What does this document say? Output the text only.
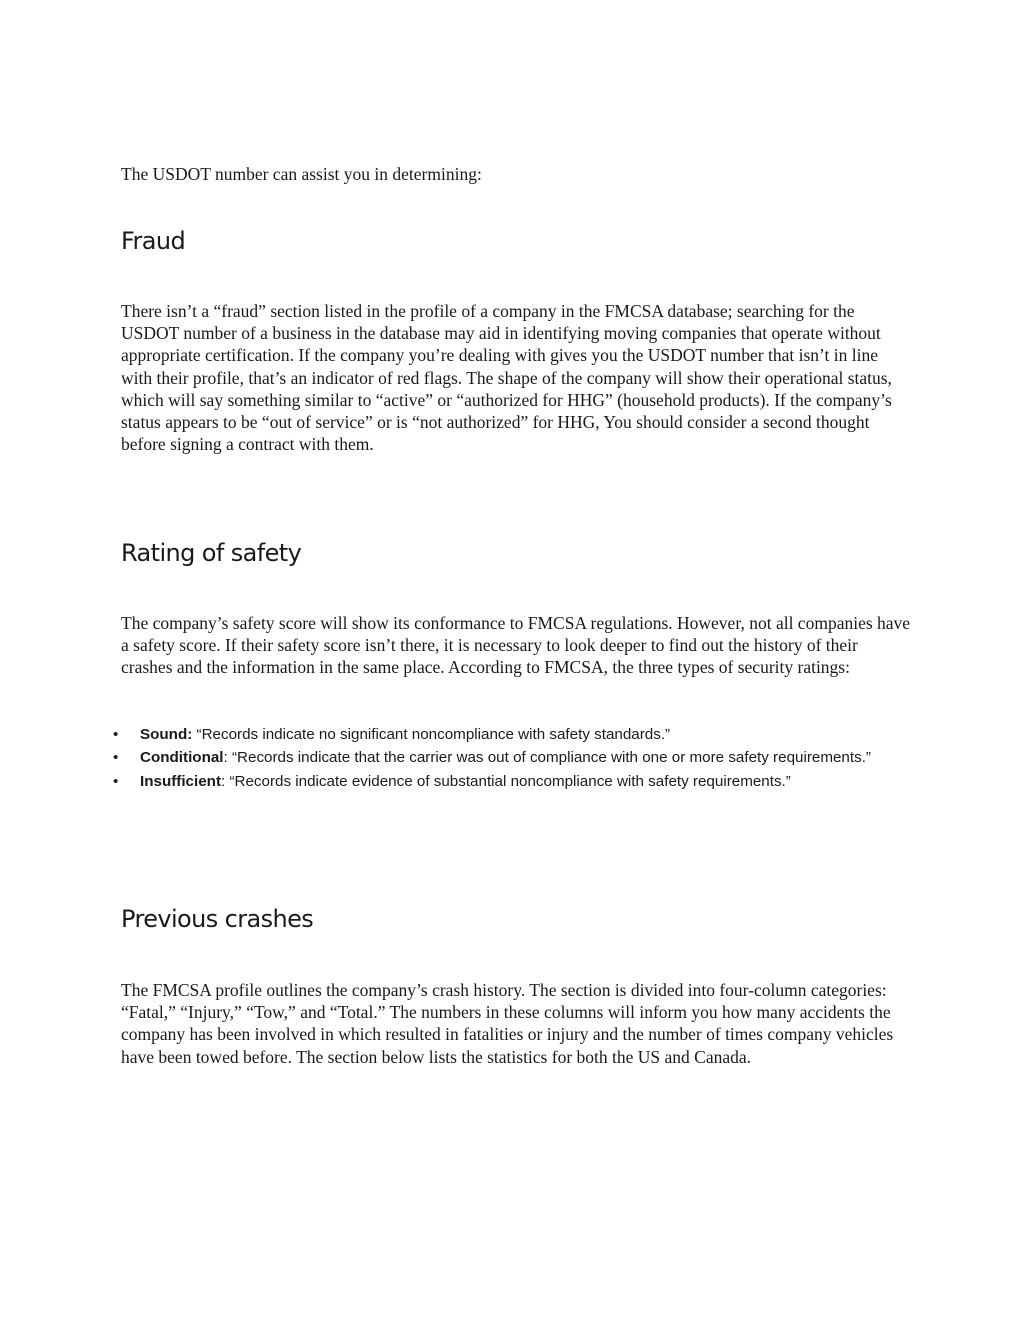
The USDOT number can assist you in determining:

Fraud

There isn’t a “fraud” section listed in the profile of a company in the FMCSA database; searching for the USDOT number of a business in the database may aid in identifying moving companies that operate without appropriate certification. If the company you’re dealing with gives you the USDOT number that isn’t in line with their profile, that’s an indicator of red flags. The shape of the company will show their operational status, which will say something similar to “active” or “authorized for HHG” (household products). If the company’s status appears to be “out of service” or is “not authorized” for HHG, You should consider a second thought before signing a contract with them.

Rating of safety

The company’s safety score will show its conformance to FMCSA regulations. However, not all companies have a safety score. If their safety score isn’t there, it is necessary to look deeper to find out the history of their crashes and the information in the same place. According to FMCSA, the three types of security ratings:

• Sound: “Records indicate no significant noncompliance with safety standards.”
• Conditional: “Records indicate that the carrier was out of compliance with one or more safety requirements.”
• Insufficient: “Records indicate evidence of substantial noncompliance with safety requirements.”
Previous crashes

The FMCSA profile outlines the company’s crash history. The section is divided into four-column categories: “Fatal,” “Injury,” “Tow,” and “Total.” The numbers in these columns will inform you how many accidents the company has been involved in which resulted in fatalities or injury and the number of times company vehicles have been towed before. The section below lists the statistics for both the US and Canada.
